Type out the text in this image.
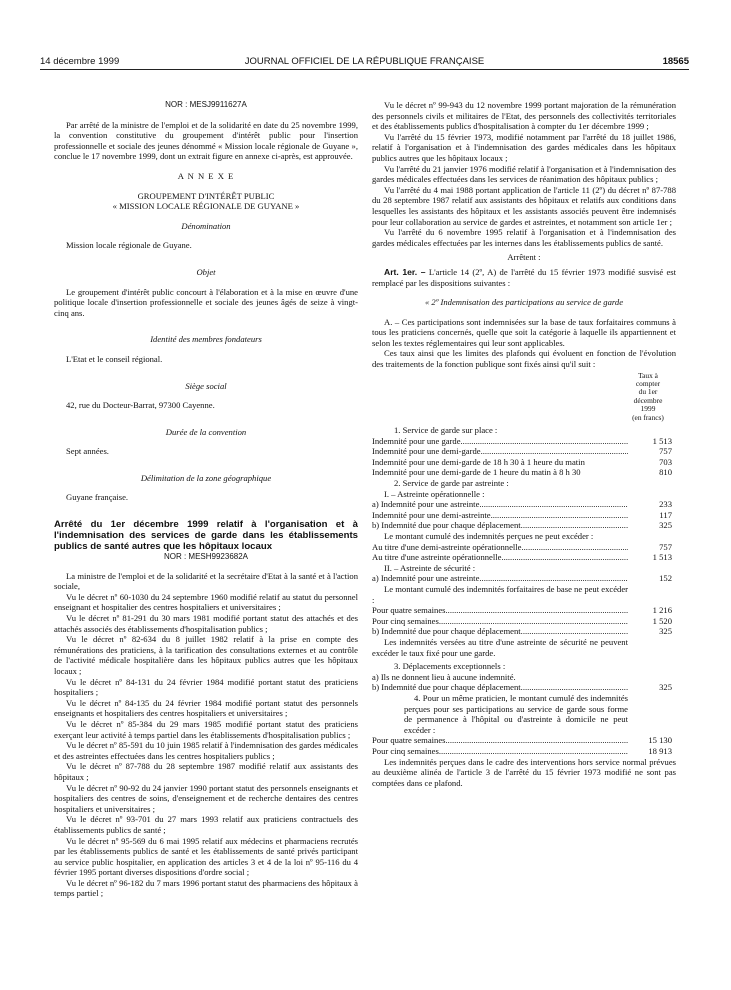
14 décembre 1999	JOURNAL OFFICIEL DE LA RÉPUBLIQUE FRANÇAISE	18565

NOR : MESJ9911627A

Par arrêté de la ministre de l'emploi et de la solidarité en date du 25 novembre 1999, la convention constitutive du groupement d'intérêt public pour l'insertion professionnelle et sociale des jeunes dénommé « Mission locale régionale de Guyane », conclue le 17 novembre 1999, dont un extrait figure en annexe ci-après, est approuvée.

A N N E X E

GROUPEMENT D'INTÉRÊT PUBLIC

« MISSION LOCALE RÉGIONALE DE GUYANE »

Dénomination

Mission locale régionale de Guyane.

Objet

Le groupement d'intérêt public concourt à l'élaboration et à la mise en œuvre d'une politique locale d'insertion professionnelle et sociale des jeunes âgés de seize à vingt-cinq ans.

Identité des membres fondateurs

L'Etat et le conseil régional.

Siège social

42, rue du Docteur-Barrat, 97300 Cayenne.

Durée de la convention

Sept années.

Délimitation de la zone géographique

Guyane française.

Arrêté du 1er décembre 1999 relatif à l'organisation et à l'indemnisation des services de garde dans les établissements publics de santé autres que les hôpitaux locaux

NOR : MESH9923682A

La ministre de l'emploi et de la solidarité et la secrétaire d'Etat à la santé et à l'action sociale,

Vu le décret nº 60-1030 du 24 septembre 1960 modifié relatif au statut du personnel enseignant et hospitalier des centres hospitaliers et universitaires ;

Vu le décret nº 81-291 du 30 mars 1981 modifié portant statut des attachés et des attachés associés des établissements d'hospitalisation publics ;

Vu le décret nº 82-634 du 8 juillet 1982 relatif à la prise en compte des rémunérations des praticiens, à la tarification des consultations externes et au contrôle de l'activité médicale hospitalière dans les hôpitaux publics autres que les hôpitaux locaux ;

Vu le décret nº 84-131 du 24 février 1984 modifié portant statut des praticiens hospitaliers ;

Vu le décret nº 84-135 du 24 février 1984 modifié portant statut des personnels enseignants et hospitaliers des centres hospitaliers et universitaires ;

Vu le décret nº 85-384 du 29 mars 1985 modifié portant statut des praticiens exerçant leur activité à temps partiel dans les établissements d'hospitalisation publics ;

Vu le décret nº 85-591 du 10 juin 1985 relatif à l'indemnisation des gardes médicales et des astreintes effectuées dans les centres hospitaliers publics ;

Vu le décret nº 87-788 du 28 septembre 1987 modifié relatif aux assistants des hôpitaux ;

Vu le décret nº 90-92 du 24 janvier 1990 portant statut des personnels enseignants et hospitaliers des centres de soins, d'enseignement et de recherche dentaires des centres hospitaliers et universitaires ;

Vu le décret nº 93-701 du 27 mars 1993 relatif aux praticiens contractuels des établissements publics de santé ;

Vu le décret nº 95-569 du 6 mai 1995 relatif aux médecins et pharmaciens recrutés par les établissements publics de santé et les établissements de santé privés participant au service public hospitalier, en application des articles 3 et 4 de la loi nº 95-116 du 4 février 1995 portant diverses dispositions d'ordre social ;

Vu le décret nº 96-182 du 7 mars 1996 portant statut des pharmaciens des hôpitaux à temps partiel ;

Vu le décret nº 99-943 du 12 novembre 1999 portant majoration de la rémunération des personnels civils et militaires de l'Etat, des personnels des collectivités territoriales et des établissements publics d'hospitalisation à compter du 1er décembre 1999 ;

Vu l'arrêté du 15 février 1973, modifié notamment par l'arrêté du 18 juillet 1986, relatif à l'organisation et à l'indemnisation des gardes médicales dans les hôpitaux publics autres que les hôpitaux locaux ;

Vu l'arrêté du 21 janvier 1976 modifié relatif à l'organisation et à l'indemnisation des gardes médicales effectuées dans les services de réanimation des hôpitaux publics ;

Vu l'arrêté du 4 mai 1988 portant application de l'article 11 (2º) du décret nº 87-788 du 28 septembre 1987 relatif aux assistants des hôpitaux et relatifs aux conditions dans lesquelles les assistants des hôpitaux et les assistants associés peuvent être indemnisés pour leur collaboration au service de gardes et astreintes, et notamment son article 1er ;

Vu l'arrêté du 6 novembre 1995 relatif à l'organisation et à l'indemnisation des gardes médicales effectuées par les internes dans les établissements publics de santé.

Arrêtent :

Art. 1er. – L'article 14 (2º, A) de l'arrêté du 15 février 1973 modifié susvisé est remplacé par les dispositions suivantes :

« 2º Indemnisation des participations au service de garde

A. – Ces participations sont indemnisées sur la base de taux forfaitaires communs à tous les praticiens concernés, quelle que soit la catégorie à laquelle ils appartiennent et selon les textes réglementaires qui leur sont applicables.

Ces taux ainsi que les limites des plafonds qui évoluent en fonction de l'évolution des traitements de la fonction publique sont fixés ainsi qu'il suit :

Taux à
compter
du 1er
décembre
1999
(en francs)

1. Service de garde sur place :

Indemnité pour une garde .....	1 513
Indemnité pour une demi-garde .....	757
Indemnité pour une demi-garde de 18 h 30 à 1 heure du matin	703
Indemnité pour une demi-garde de 1 heure du matin à 8 h 30	810

2. Service de garde par astreinte :

I. – Astreinte opérationnelle :

a) Indemnité pour une astreinte .....	233
Indemnité pour une demi-astreinte .....	117
b) Indemnité due pour chaque déplacement .....	325

Le montant cumulé des indemnités perçues ne peut excéder :

Au titre d'une demi-astreinte opérationnelle .....	757
Au titre d'une astreinte opérationnelle .....	1 513

II. – Astreinte de sécurité :

a) Indemnité pour une astreinte .....	152

Le montant cumulé des indemnités forfaitaires de base ne peut excéder :

Pour quatre semaines .....	1 216
Pour cinq semaines .....	1 520
b) Indemnité due pour chaque déplacement .....	325

Les indemnités versées au titre d'une astreinte de sécurité ne peuvent excéder le taux fixé pour une garde.

3. Déplacements exceptionnels :

a) Ils ne donnent lieu à aucune indemnité.

b) Indemnité due pour chaque déplacement .....	325

4. Pour un même praticien, le montant cumulé des indemnités perçues pour ses participations au service de garde sous forme de permanence à l'hôpital ou d'astreinte à domicile ne peut excéder :

Pour quatre semaines .....	15 130
Pour cinq semaines .....	18 913

Les indemnités perçues dans le cadre des interventions hors service normal prévues au deuxième alinéa de l'article 3 de l'arrêté du 15 février 1973 modifié ne sont pas comptées dans ce plafond.
